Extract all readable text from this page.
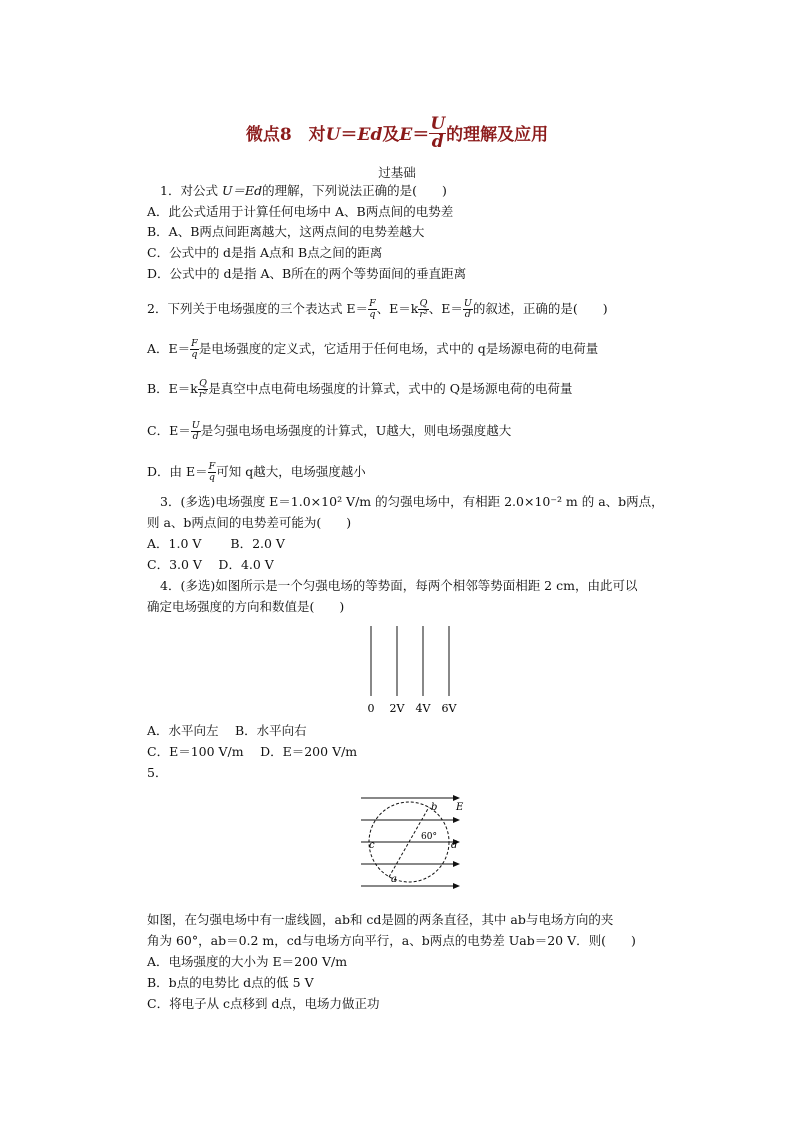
微点8　对U＝Ed及$E= \frac{U}{d}$ 的理解及应用
过基础
1．对公式 U＝Ed的理解，下列说法正确的是(　　)
A．此公式适用于计算任何电场中 A、B两点间的电势差
B．A、B两点间距离越大，这两点间的电势差越大
C．公式中的 d是指 A点和 B点之间的距离
D．公式中的 d是指 A、B所在的两个等势面间的垂直距离
2．下列关于电场强度的三个表达式 $E= \frac{F}{q}$ 、$E=k \frac{Q}{\text{r²}}$ 、$E= \frac{U}{d}$ 的叙述，正确的是(　　)
A．$E= \frac{F}{q}$ 是电场强度的定义式，它适用于任何电场，式中的 q是场源电荷的电荷量
B．$E=k \frac{Q}{\text{r²}}$ 是真空中点电荷电场强度的计算式，式中的 Q是场源电荷的电荷量
C．$E= \frac{U}{d}$ 是匀强电场电场强度的计算式，U越大，则电场强度越大
D．由 $E= \frac{F}{q}$ 可知 q越大，电场强度越小
3．(多选)电场强度 E＝1.0×10² V/m 的匀强电场中，有相距 2.0×10⁻² m 的 a、b两点，
则 a、b两点间的电势差可能为(　　)
A．1.0 V　　 B．2.0 V
C．3.0 V　 D．4.0 V
4．(多选)如图所示是一个匀强电场的等势面，每两个相邻等势面相距 2 cm，由此可以
确定电场强度的方向和数值是(　　)
0 2V 4V 6V
A．水平向左　 B．水平向右
C．E＝100 V/m　 D．E＝200 V/m
5．
b E
60°
c	d
a
如图，在匀强电场中有一虚线圆，ab和 cd是圆的两条直径，其中 ab与电场方向的夹
角为 60°，ab＝0.2 m，cd与电场方向平行，a、b两点的电势差 Uab＝20 V．则(　　)
A．电场强度的大小为 E＝200 V/m
B．b点的电势比 d点的低 5 V
C．将电子从 c点移到 d点，电场力做正功
